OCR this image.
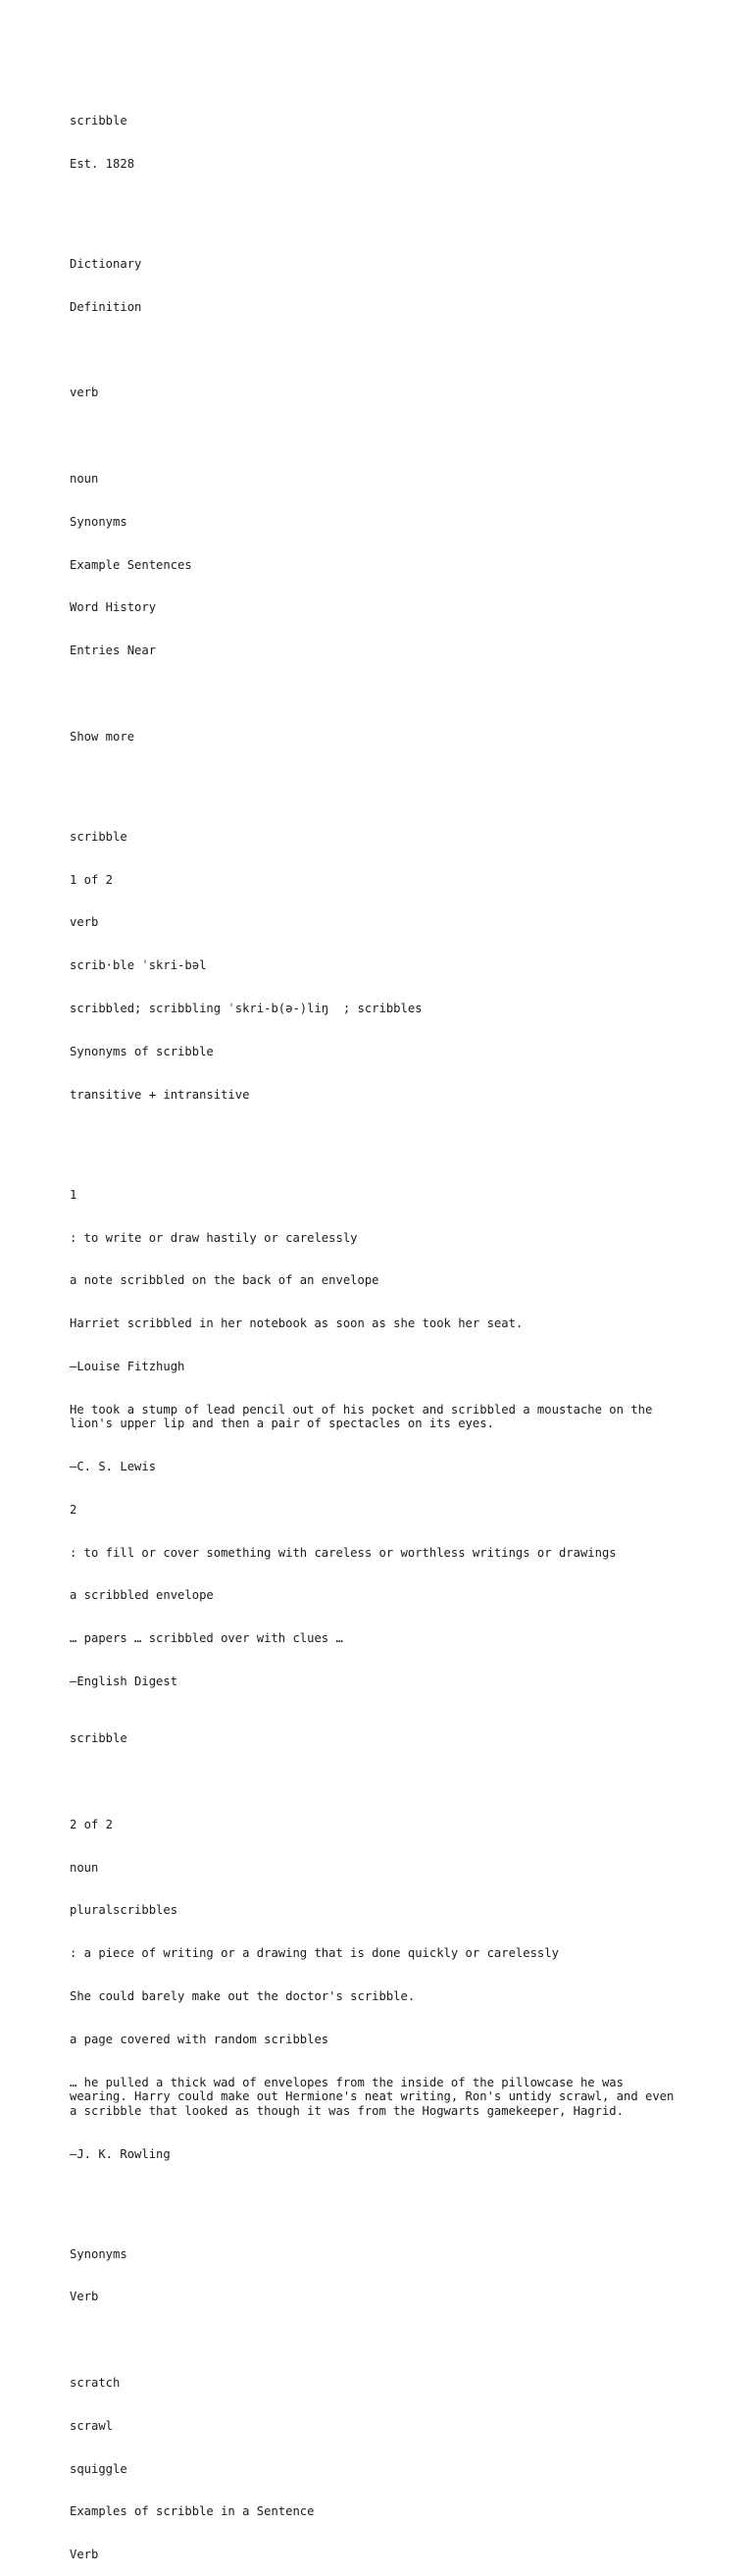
scribble

Est. 1828

Dictionary

Definition

verb

noun

Synonyms

Example Sentences

Word History

Entries Near

Show more

scribble

1 of 2

verb

scrib·ble ˈskri-bəl

scribbled; scribbling ˈskri-b(ə-)liŋ  ; scribbles

Synonyms of scribble

transitive + intransitive

1

: to write or draw hastily or carelessly

a note scribbled on the back of an envelope

Harriet scribbled in her notebook as soon as she took her seat.

—Louise Fitzhugh

He took a stump of lead pencil out of his pocket and scribbled a moustache on the lion's upper lip and then a pair of spectacles on its eyes.

—C. S. Lewis

2

: to fill or cover something with careless or worthless writings or drawings

a scribbled envelope

… papers … scribbled over with clues …

—English Digest

scribble

2 of 2

noun

pluralscribbles

: a piece of writing or a drawing that is done quickly or carelessly

She could barely make out the doctor's scribble.

a page covered with random scribbles

… he pulled a thick wad of envelopes from the inside of the pillowcase he was wearing. Harry could make out Hermione's neat writing, Ron's untidy scrawl, and even a scribble that looked as though it was from the Hogwarts gamekeeper, Hagrid.

—J. K. Rowling

Synonyms

Verb

scratch

scrawl

squiggle

Examples of scribble in a Sentence

Verb
